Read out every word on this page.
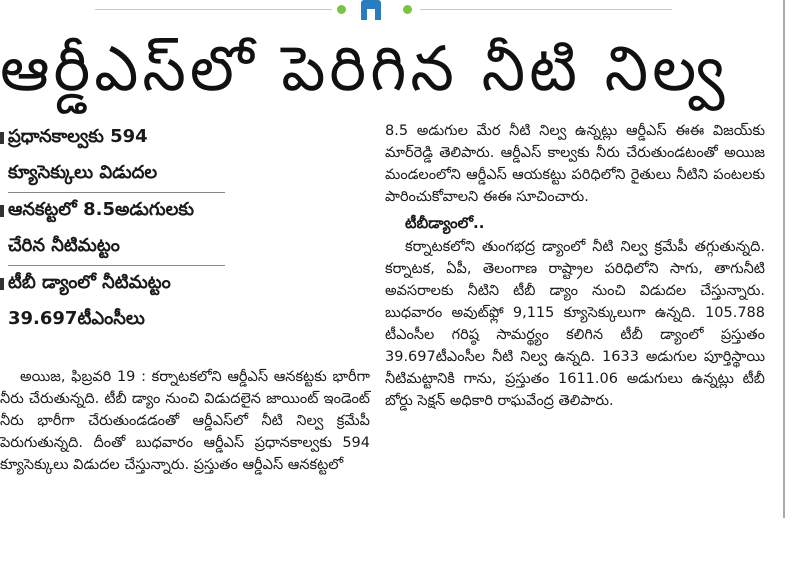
ఆర్డీఎస్‌లో పెరిగిన నీటి నిల్వ
ప్రధానకాల్వకు 594
క్యూసెక్కులు విడుదల
ఆనకట్టలో 8.5అడుగులకు
చేరిన నీటిమట్టం
టీబీ డ్యాంలో నీటిమట్టం
39.697టీఎంసీలు

అయిజ, ఫిబ్రవరి 19 : కర్నాటకలోని ఆర్డీఎస్ ఆనకట్టకు భారీగా నీరు చేరుతున్నది. టీబీ డ్యాం నుంచి విడుదలైన జాయింట్ ఇండెంట్ నీరు భారీగా చేరుతుండడంతో ఆర్డీఎస్‌లో నీటి నిల్వ క్రమేపీ పెరుగుతున్నది. దీంతో బుధవారం ఆర్డీఎస్ ప్రధానకాల్వకు 594 క్యూసెక్కులు విడుదల చేస్తున్నారు. ప్రస్తుతం ఆర్డీఎస్ ఆనకట్టలో

8.5 అడుగుల మేర నీటి నిల్వ ఉన్నట్లు ఆర్డీఎస్ ఈఈ విజయ్‌కు మార్‌రెడ్డి తెలిపారు. ఆర్డీఎస్ కాల్వకు నీరు చేరుతుండటంతో అయిజ మండలంలోని ఆర్డీఎస్ ఆయకట్టు పరిధిలోని రైతులు నీటిని పంటలకు పారించుకోవాలని ఈఈ సూచించారు.

టీబీడ్యాంలో..

కర్నాటకలోని తుంగభద్ర డ్యాంలో నీటి నిల్వ క్రమేపీ తగ్గుతున్నది. కర్నాటక, ఏపీ, తెలంగాణ రాష్ట్రాల పరిధిలోని సాగు, తాగునీటి అవసరాలకు నీటిని టీబీ డ్యాం నుంచి విడుదల చేస్తున్నారు. బుధవారం అవుట్‌ఫ్లో 9,115 క్యూసెక్కులుగా ఉన్నది. 105.788 టీఎంసీల గరిష్ఠ సామర్థ్యం కలిగిన టీబీ డ్యాంలో ప్రస్తుతం 39.697టీఎంసీల నీటి నిల్వ ఉన్నది. 1633 అడుగుల పూర్తిస్థాయి నీటిమట్టానికి గాను, ప్రస్తుతం 1611.06 అడుగులు ఉన్నట్లు టీబీ బోర్డు సెక్షన్ అధికారి రాఘవేంద్ర తెలిపారు.
